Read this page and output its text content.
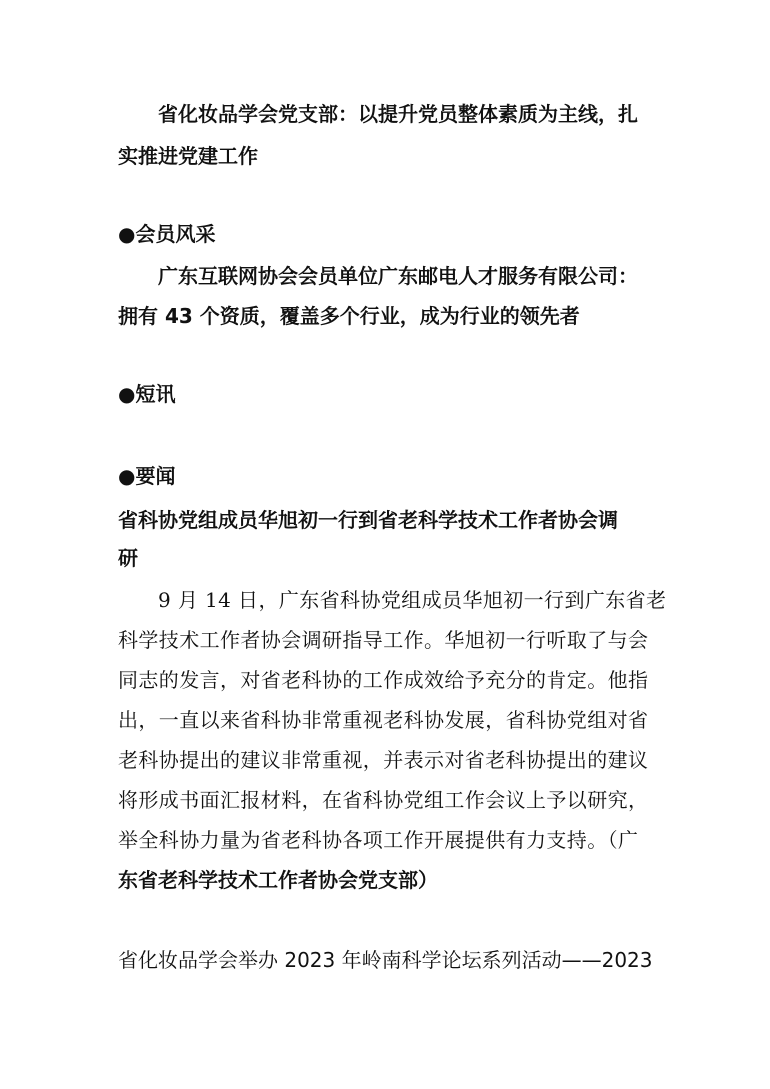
省化妆品学会党支部：以提升党员整体素质为主线，扎

实推进党建工作

●会员风采

广东互联网协会会员单位广东邮电人才服务有限公司：

拥有 43 个资质，覆盖多个行业，成为行业的领先者

●短讯

●要闻

省科协党组成员华旭初一行到省老科学技术工作者协会调

研

9 月 14 日，广东省科协党组成员华旭初一行到广东省老

科学技术工作者协会调研指导工作。华旭初一行听取了与会

同志的发言，对省老科协的工作成效给予充分的肯定。他指

出，一直以来省科协非常重视老科协发展，省科协党组对省

老科协提出的建议非常重视，并表示对省老科协提出的建议

将形成书面汇报材料，在省科协党组工作会议上予以研究，

举全科协力量为省老科协各项工作开展提供有力支持。（广

东省老科学技术工作者协会党支部）

省化妆品学会举办 2023 年岭南科学论坛系列活动——2023
